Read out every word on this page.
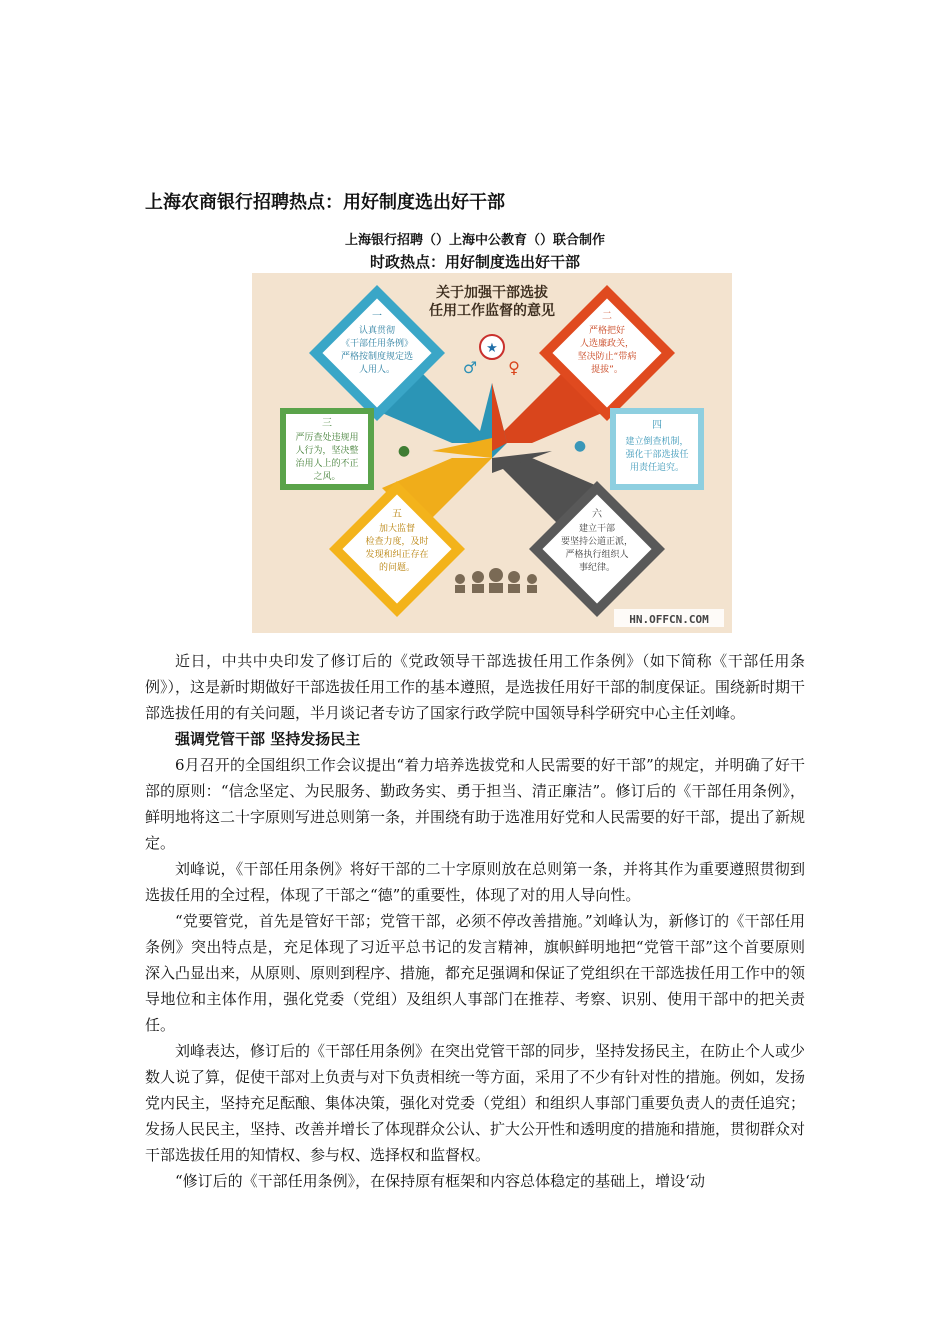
上海农商银行招聘热点：用好制度选出好干部
上海银行招聘（）上海中公教育（）联合制作
时政热点：用好制度选出好干部
关于加强干部选拔
任用工作监督的意见
★
♂ ♀
一
认真贯彻
《干部任用条例》
严格按制度规定选
人用人。
二
严格把好
人选廉政关，
坚决防止“带病
提拔”。
三
严厉查处违规用
人行为，坚决整
治用人上的不正
之风。
●	●
四
建立倒查机制，
强化干部选拔任
用责任追究。
五
加大监督
检查力度，及时
发现和纠正存在
的问题。
六
建立干部
要坚持公道正派，
严格执行组织人
事纪律。
HN.OFFCN.COM

近日，中共中央印发了修订后的《党政领导干部选拔任用工作条例》（如下简称《干部任用条例》），这是新时期做好干部选拔任用工作的基本遵照，是选拔任用好干部的制度保证。围绕新时期干部选拔任用的有关问题，半月谈记者专访了国家行政学院中国领导科学研究中心主任刘峰。

强调党管干部 坚持发扬民主

6月召开的全国组织工作会议提出“着力培养选拔党和人民需要的好干部”的规定，并明确了好干部的原则：“信念坚定、为民服务、勤政务实、勇于担当、清正廉洁”。修订后的《干部任用条例》，鲜明地将这二十字原则写进总则第一条，并围绕有助于选准用好党和人民需要的好干部，提出了新规定。

刘峰说，《干部任用条例》将好干部的二十字原则放在总则第一条，并将其作为重要遵照贯彻到选拔任用的全过程，体现了干部之“德”的重要性，体现了对的用人导向性。

“党要管党，首先是管好干部；党管干部，必须不停改善措施。”刘峰认为，新修订的《干部任用条例》突出特点是，充足体现了习近平总书记的发言精神，旗帜鲜明地把“党管干部”这个首要原则深入凸显出来，从原则、原则到程序、措施，都充足强调和保证了党组织在干部选拔任用工作中的领导地位和主体作用，强化党委（党组）及组织人事部门在推荐、考察、识别、使用干部中的把关责任。

刘峰表达，修订后的《干部任用条例》在突出党管干部的同步，坚持发扬民主，在防止个人或少数人说了算，促使干部对上负责与对下负责相统一等方面，采用了不少有针对性的措施。例如，发扬党内民主，坚持充足酝酿、集体决策，强化对党委（党组）和组织人事部门重要负责人的责任追究；发扬人民民主，坚持、改善并增长了体现群众公认、扩大公开性和透明度的措施和措施，贯彻群众对干部选拔任用的知情权、参与权、选择权和监督权。

“修订后的《干部任用条例》，在保持原有框架和内容总体稳定的基础上，增设‘动
